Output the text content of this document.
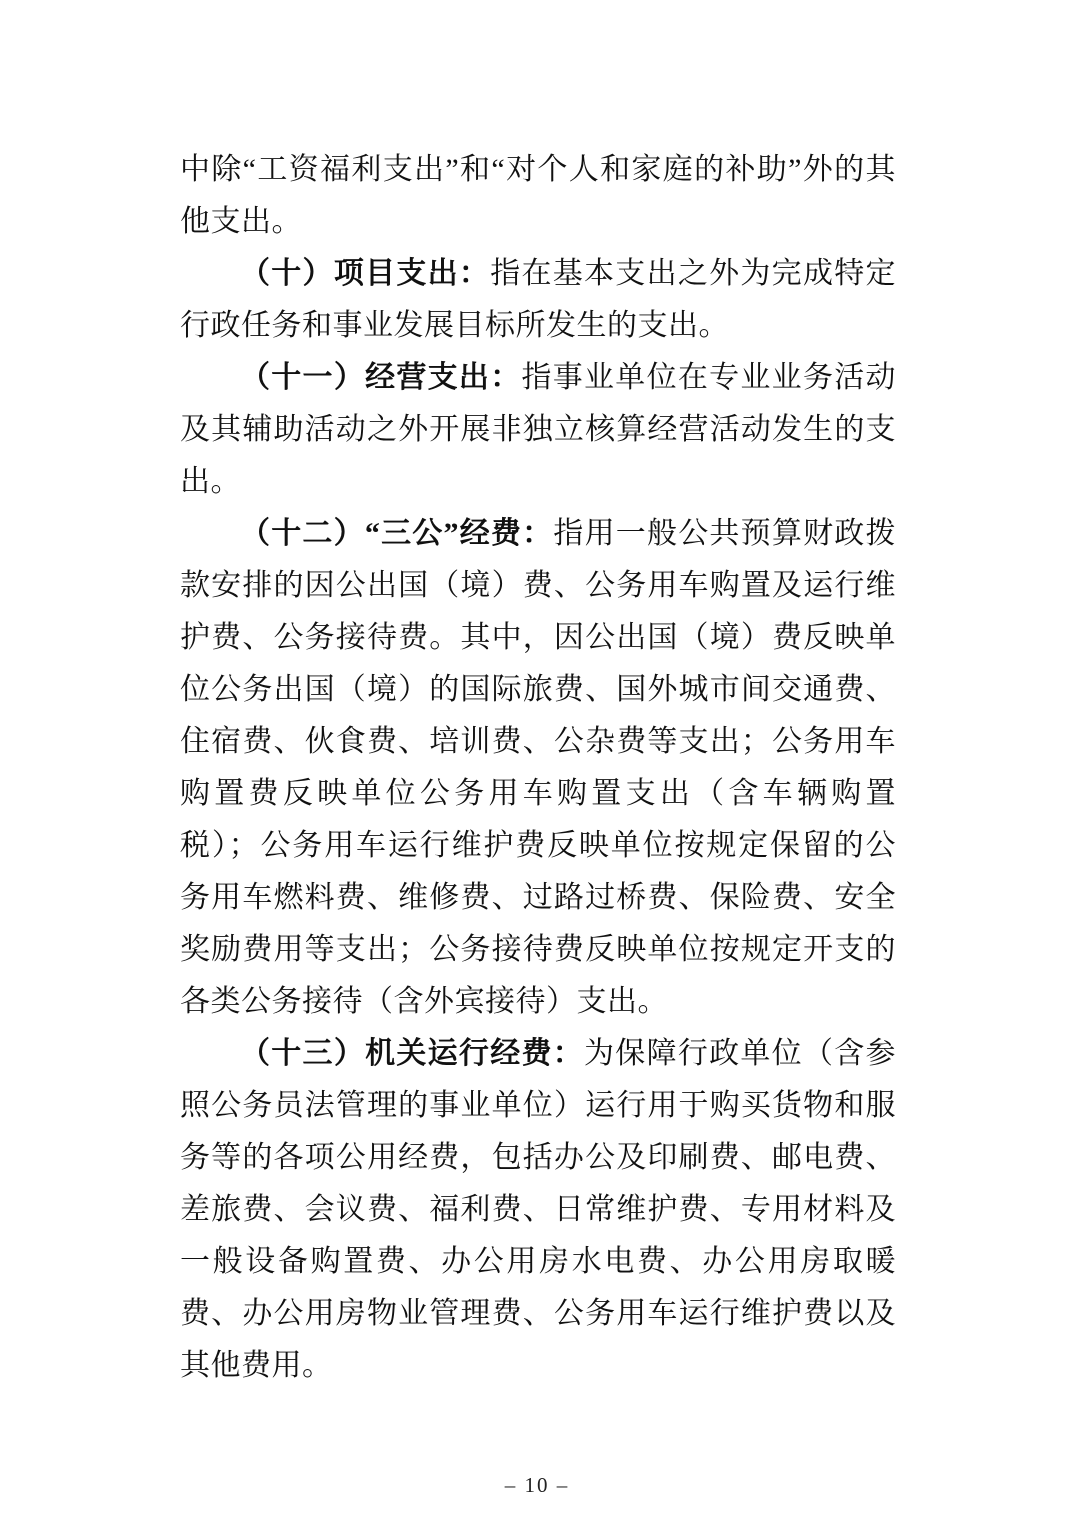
中除“工资福利支出”和“对个人和家庭的补助”外的其他支出。

（十）项目支出：指在基本支出之外为完成特定行政任务和事业发展目标所发生的支出。

（十一）经营支出：指事业单位在专业业务活动及其辅助活动之外开展非独立核算经营活动发生的支出。

（十二）“三公”经费：指用一般公共预算财政拨款安排的因公出国（境）费、公务用车购置及运行维护费、公务接待费。其中，因公出国（境）费反映单位公务出国（境）的国际旅费、国外城市间交通费、住宿费、伙食费、培训费、公杂费等支出；公务用车购置费反映单位公务用车购置支出（含车辆购置税）；公务用车运行维护费反映单位按规定保留的公务用车燃料费、维修费、过路过桥费、保险费、安全奖励费用等支出；公务接待费反映单位按规定开支的各类公务接待（含外宾接待）支出。

（十三）机关运行经费：为保障行政单位（含参照公务员法管理的事业单位）运行用于购买货物和服务等的各项公用经费，包括办公及印刷费、邮电费、差旅费、会议费、福利费、日常维护费、专用材料及一般设备购置费、办公用房水电费、办公用房取暖费、办公用房物业管理费、公务用车运行维护费以及其他费用。

– 10 –
